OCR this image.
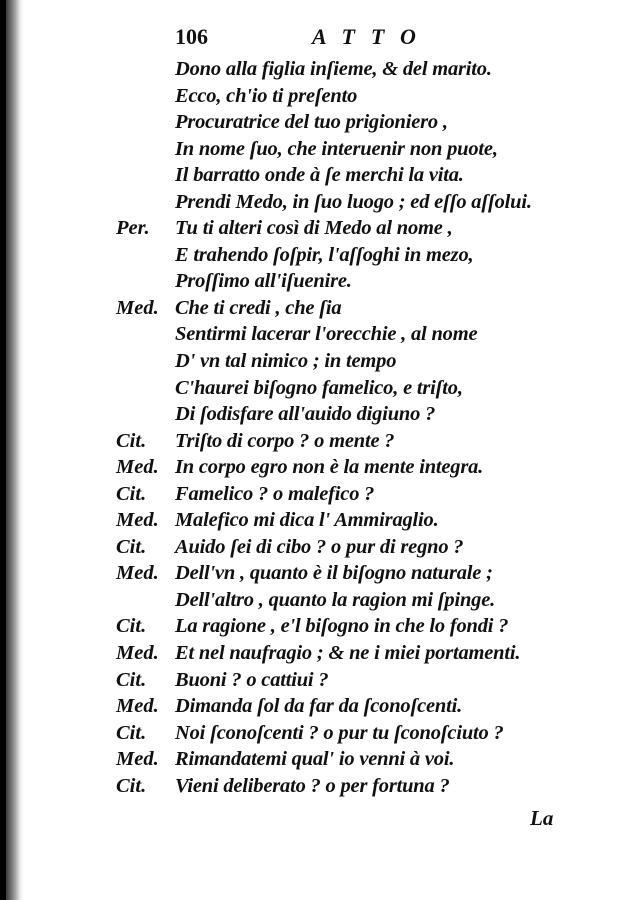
106	ATTO
Dono alla figlia inſieme, & del marito.
Ecco, ch'io ti preſento
Procuratrice del tuo prigioniero ,
In nome ſuo, che interuenir non puote,
Il barratto onde à ſe merchi la vita.
Prendi Medo, in ſuo luogo ; ed eſſo aſſolui.
Per. Tu ti alteri così di Medo al nome ,
E trahendo ſoſpir, l'aſſoghi in mezo,
Proſſimo all'iſuenire.
Med. Che ti credi , che ſia
Sentirmi lacerar l'orecchie , al nome
D' vn tal nimico ; in tempo
C'haurei biſogno famelico, e triſto,
Di ſodisfare all'auido digiuno ?
Cit. Triſto di corpo ? o mente ?
Med. In corpo egro non è la mente integra.
Cit. Famelico ? o malefico ?
Med. Malefico mi dica l' Ammiraglio.
Cit. Auido ſei di cibo ? o pur di regno ?
Med. Dell'vn , quanto è il biſogno naturale ;
Dell'altro , quanto la ragion mi ſpinge.
Cit. La ragione , e'l biſogno in che lo fondi ?
Med. Et nel naufragio ; & ne i miei portamenti.
Cit. Buoni ? o cattiui ?
Med. Dimanda ſol da far da ſconoſcenti.
Cit. Noi ſconoſcenti ? o pur tu ſconoſciuto ?
Med. Rimandatemi qual' io venni à voi.
Cit. Vieni deliberato ? o per fortuna ?
La
